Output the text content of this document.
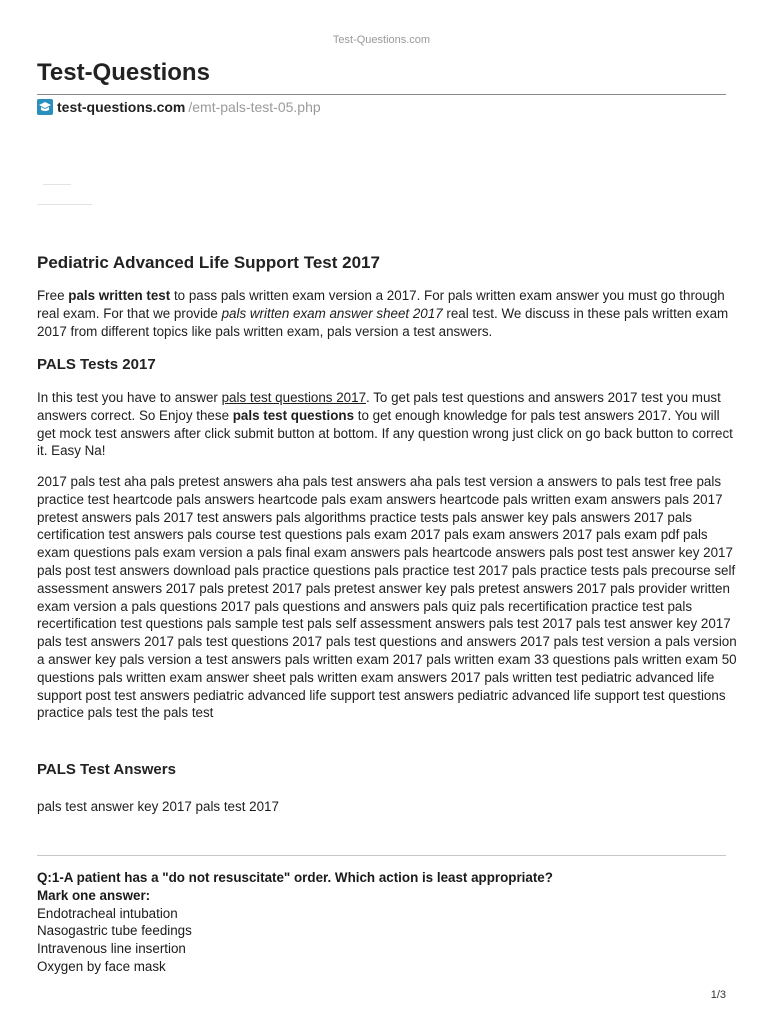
Test-Questions.com
Test-Questions
test-questions.com /emt-pals-test-05.php
Pediatric Advanced Life Support Test 2017

Free pals written test to pass pals written exam version a 2017. For pals written exam answer you must go through real exam. For that we provide pals written exam answer sheet 2017 real test. We discuss in these pals written exam 2017 from different topics like pals written exam, pals version a test answers.

PALS Tests 2017

In this test you have to answer pals test questions 2017. To get pals test questions and answers 2017 test you must answers correct. So Enjoy these pals test questions to get enough knowledge for pals test answers 2017. You will get mock test answers after click submit button at bottom. If any question wrong just click on go back button to correct it. Easy Na!

2017 pals test aha pals pretest answers aha pals test answers aha pals test version a answers to pals test free pals practice test heartcode pals answers heartcode pals exam answers heartcode pals written exam answers pals 2017 pretest answers pals 2017 test answers pals algorithms practice tests pals answer key pals answers 2017 pals certification test answers pals course test questions pals exam 2017 pals exam answers 2017 pals exam pdf pals exam questions pals exam version a pals final exam answers pals heartcode answers pals post test answer key 2017 pals post test answers download pals practice questions pals practice test 2017 pals practice tests pals precourse self assessment answers 2017 pals pretest 2017 pals pretest answer key pals pretest answers 2017 pals provider written exam version a pals questions 2017 pals questions and answers pals quiz pals recertification practice test pals recertification test questions pals sample test pals self assessment answers pals test 2017 pals test answer key 2017 pals test answers 2017 pals test questions 2017 pals test questions and answers 2017 pals test version a pals version a answer key pals version a test answers pals written exam 2017 pals written exam 33 questions pals written exam 50 questions pals written exam answer sheet pals written exam answers 2017 pals written test pediatric advanced life support post test answers pediatric advanced life support test answers pediatric advanced life support test questions practice pals test the pals test

PALS Test Answers

pals test answer key 2017 pals test 2017

Q:1-A patient has a "do not resuscitate" order. Which action is least appropriate?
Mark one answer:
Endotracheal intubation
Nasogastric tube feedings
Intravenous line insertion
Oxygen by face mask
1/3
